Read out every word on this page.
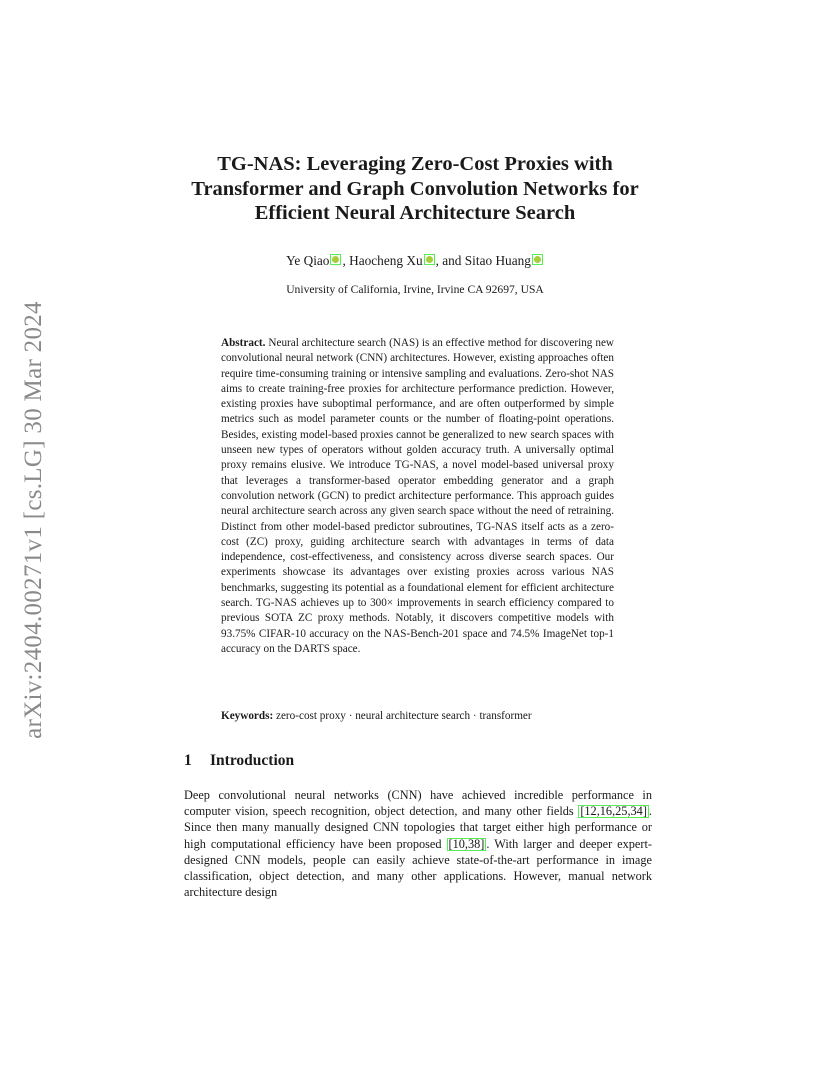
arXiv:2404.00271v1 [cs.LG] 30 Mar 2024
TG-NAS: Leveraging Zero-Cost Proxies with
Transformer and Graph Convolution Networks for
Efficient Neural Architecture Search
Ye Qiao , Haocheng Xu , and Sitao Huang
University of California, Irvine, Irvine CA 92697, USA
Abstract. Neural architecture search (NAS) is an effective method for discovering new convolutional neural network (CNN) architectures. However, existing approaches often require time-consuming training or intensive sampling and evaluations. Zero-shot NAS aims to create training-free proxies for architecture performance prediction. However, existing proxies have suboptimal performance, and are often outperformed by simple metrics such as model parameter counts or the number of floating-point operations. Besides, existing model-based proxies cannot be generalized to new search spaces with unseen new types of operators without golden accuracy truth. A universally optimal proxy remains elusive. We introduce TG-NAS, a novel model-based universal proxy that leverages a transformer-based operator embedding generator and a graph convolution network (GCN) to predict architecture performance. This approach guides neural architecture search across any given search space without the need of retraining. Distinct from other model-based predictor subroutines, TG-NAS itself acts as a zero-cost (ZC) proxy, guiding architecture search with advantages in terms of data independence, cost-effectiveness, and consistency across diverse search spaces. Our experiments showcase its advantages over existing proxies across various NAS benchmarks, suggesting its potential as a foundational element for efficient architecture search. TG-NAS achieves up to 300× improvements in search efficiency compared to previous SOTA ZC proxy methods. Notably, it discovers competitive models with 93.75% CIFAR-10 accuracy on the NAS-Bench-201 space and 74.5% ImageNet top-1 accuracy on the DARTS space.
Keywords: zero-cost proxy · neural architecture search · transformer
1 Introduction
Deep convolutional neural networks (CNN) have achieved incredible performance in computer vision, speech recognition, object detection, and many other fields [12,16,25,34] . Since then many manually designed CNN topologies that target either high performance or high computational efficiency have been proposed [10,38] . With larger and deeper expert-designed CNN models, people can easily achieve state-of-the-art performance in image classification, object detection, and many other applications. However, manual network architecture design
